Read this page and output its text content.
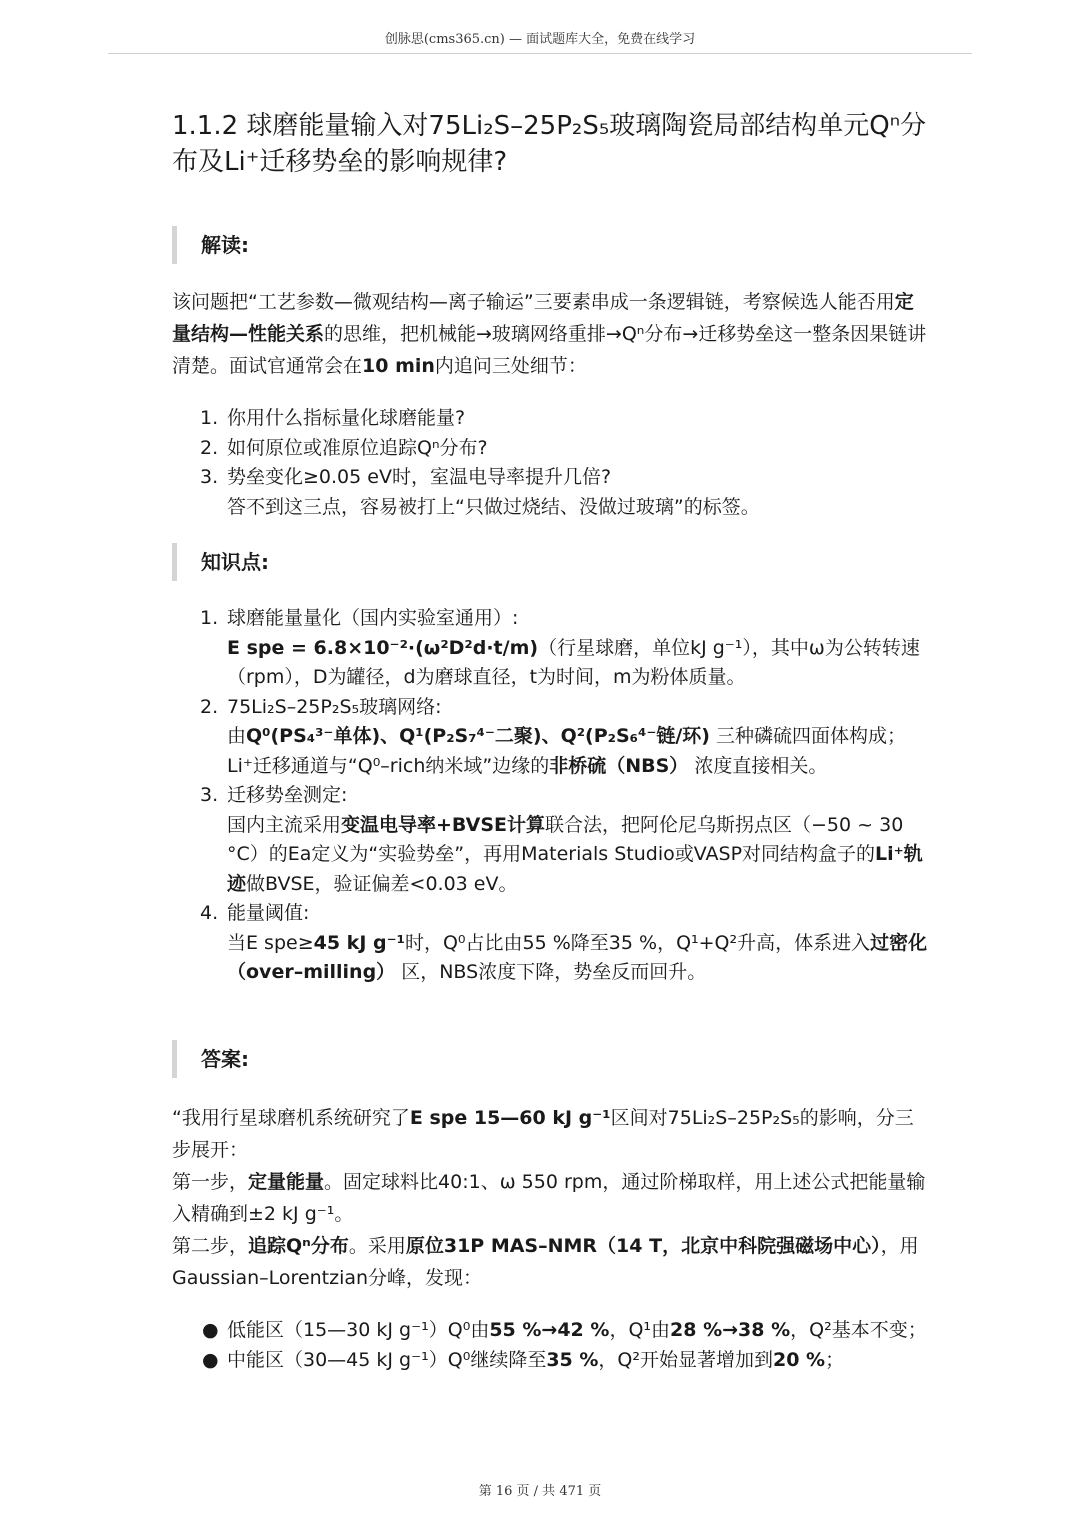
创脉思(cms365.cn) — 面试题库大全，免费在线学习
1.1.2 球磨能量输入对75Li₂S–25P₂S₅玻璃陶瓷局部结构单元Qⁿ分布及Li⁺迁移势垒的影响规律?
解读:

该问题把“工艺参数—微观结构—离子输运”三要素串成一条逻辑链，考察候选人能否用定量结构—性能关系的思维，把机械能→玻璃网络重排→Qⁿ分布→迁移势垒这一整条因果链讲清楚。面试官通常会在10 min内追问三处细节：

1. 你用什么指标量化球磨能量?
2. 如何原位或准原位追踪Qⁿ分布?
3. 势垒变化≥0.05 eV时，室温电导率提升几倍?
答不到这三点，容易被打上“只做过烧结、没做过玻璃”的标签。
知识点:
1. 球磨能量量化（国内实验室通用）:
E spe = 6.8×10⁻²·(ω²D²d·t/m)（行星球磨，单位kJ g⁻¹），其中ω为公转转速（rpm），D为罐径，d为磨球直径，t为时间，m为粉体质量。
2. 75Li₂S–25P₂S₅玻璃网络:
由Q⁰(PS₄³⁻单体)、Q¹(P₂S₇⁴⁻二聚)、Q²(P₂S₆⁴⁻链/环) 三种磷硫四面体构成；Li⁺迁移通道与“Q⁰–rich纳米域”边缘的非桥硫（NBS） 浓度直接相关。
3. 迁移势垒测定:
国内主流采用变温电导率+BVSE计算联合法，把阿伦尼乌斯拐点区（−50 ~ 30 °C）的Ea定义为“实验势垒”，再用Materials Studio或VASP对同结构盒子的Li⁺轨迹做BVSE，验证偏差<0.03 eV。
4. 能量阈值:
当E spe≥45 kJ g⁻¹时，Q⁰占比由55 %降至35 %，Q¹+Q²升高，体系进入过密化（over–milling） 区，NBS浓度下降，势垒反而回升。
答案:

“我用行星球磨机系统研究了E spe 15—60 kJ g⁻¹区间对75Li₂S–25P₂S₅的影响，分三步展开：

第一步，定量能量。固定球料比40:1、ω 550 rpm，通过阶梯取样，用上述公式把能量输入精确到±2 kJ g⁻¹。

第二步，追踪Qⁿ分布。采用原位31P MAS–NMR（14 T，北京中科院强磁场中心），用Gaussian–Lorentzian分峰，发现：

● 低能区（15—30 kJ g⁻¹）Q⁰由55 %→42 %，Q¹由28 %→38 %，Q²基本不变；
● 中能区（30—45 kJ g⁻¹）Q⁰继续降至35 %，Q²开始显著增加到20 %；
第 16 页 / 共 471 页
